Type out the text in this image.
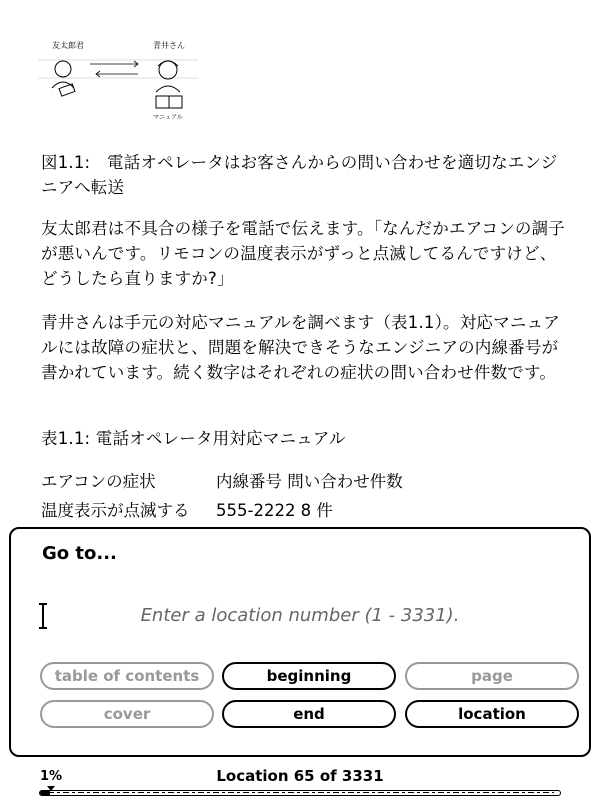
友太郎君	青井さん
マニュアル
図1.1:　電話オペレータはお客さんからの問い合わせを適切なエンジニアへ転送
友太郎君は不具合の様子を電話で伝えます。「なんだかエアコンの調子が悪いんです。リモコンの温度表示がずっと点滅してるんですけど、どうしたら直りますか?」
青井さんは手元の対応マニュアルを調べます（表1.1）。対応マニュアルには故障の症状と、問題を解決できそうなエンジニアの内線番号が書かれています。続く数字はそれぞれの症状の問い合わせ件数です。
表1.1: 電話オペレータ用対応マニュアル
エアコンの症状	内線番号 問い合わせ件数
温度表示が点滅する 555-2222 8 件
Go to...
Enter a location number (1 - 3331).
table of contents	beginning	page
cover	end	location
1%	Location 65 of 3331
